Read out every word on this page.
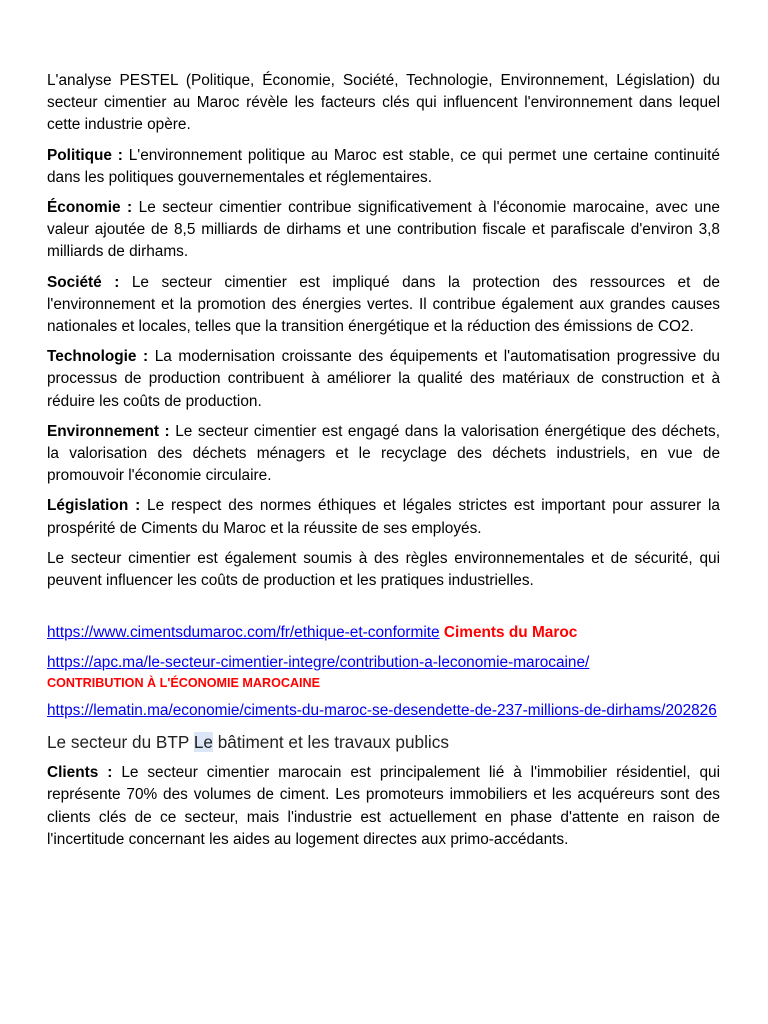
L'analyse PESTEL (Politique, Économie, Société, Technologie, Environnement, Législation) du secteur cimentier au Maroc révèle les facteurs clés qui influencent l'environnement dans lequel cette industrie opère.

Politique : L'environnement politique au Maroc est stable, ce qui permet une certaine continuité dans les politiques gouvernementales et réglementaires.

Économie : Le secteur cimentier contribue significativement à l'économie marocaine, avec une valeur ajoutée de 8,5 milliards de dirhams et une contribution fiscale et parafiscale d'environ 3,8 milliards de dirhams.

Société : Le secteur cimentier est impliqué dans la protection des ressources et de l'environnement et la promotion des énergies vertes. Il contribue également aux grandes causes nationales et locales, telles que la transition énergétique et la réduction des émissions de CO2.

Technologie : La modernisation croissante des équipements et l'automatisation progressive du processus de production contribuent à améliorer la qualité des matériaux de construction et à réduire les coûts de production.

Environnement : Le secteur cimentier est engagé dans la valorisation énergétique des déchets, la valorisation des déchets ménagers et le recyclage des déchets industriels, en vue de promouvoir l'économie circulaire.

Législation : Le respect des normes éthiques et légales strictes est important pour assurer la prospérité de Ciments du Maroc et la réussite de ses employés.

Le secteur cimentier est également soumis à des règles environnementales et de sécurité, qui peuvent influencer les coûts de production et les pratiques industrielles.

https://www.cimentsdumaroc.com/fr/ethique-et-conformite Ciments du Maroc
https://apc.ma/le-secteur-cimentier-integre/contribution-a-leconomie-marocaine/
CONTRIBUTION À L'ÉCONOMIE MAROCAINE
https://lematin.ma/economie/ciments-du-maroc-se-desendette-de-237-millions-de-dirhams/202826
Le secteur du BTP Le bâtiment et les travaux publics

Clients : Le secteur cimentier marocain est principalement lié à l'immobilier résidentiel, qui représente 70% des volumes de ciment. Les promoteurs immobiliers et les acquéreurs sont des clients clés de ce secteur, mais l'industrie est actuellement en phase d'attente en raison de l'incertitude concernant les aides au logement directes aux primo-accédants.
